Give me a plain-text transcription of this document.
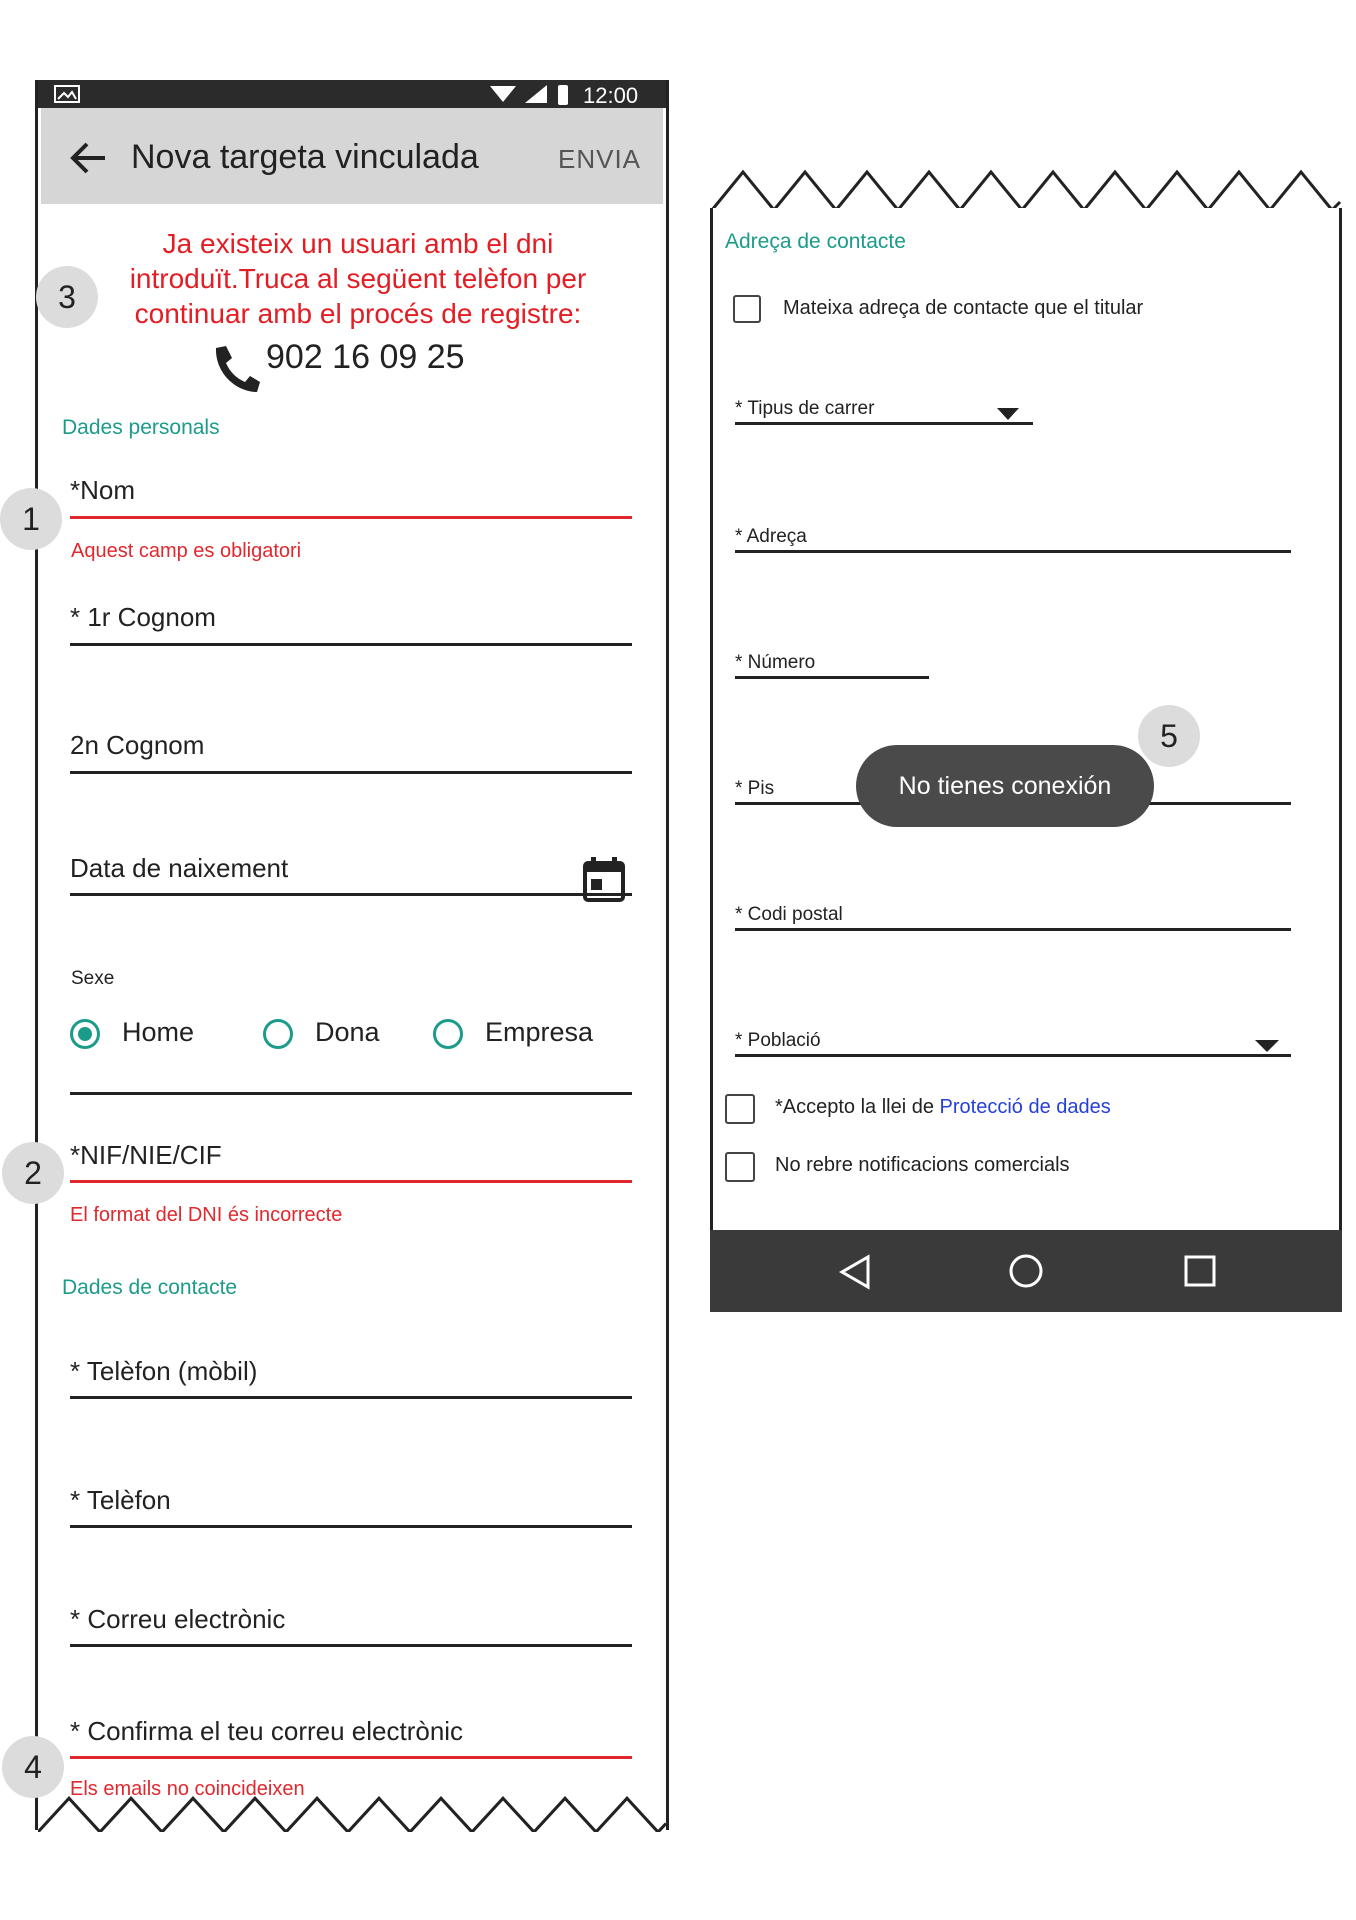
12:00
Nova targeta vinculada	ENVIA
Ja existeix un usuari amb el dni introduït.Truca al següent telèfon per continuar amb el procés de registre:
902 16 09 25
Dades personals
*Nom
Aquest camp es obligatori
* 1r Cognom
2n Cognom
Data de naixement
Sexe
Home	Dona	Empresa
*NIF/NIE/CIF
El format del DNI és incorrecte
Dades de contacte
* Telèfon (mòbil)
* Telèfon
* Correu electrònic
* Confirma el teu correu electrònic
Els emails no coincideixen
3
1
2
4
Adreça de contacte
Mateixa adreça de contacte que el titular
* Tipus de carrer
* Adreça
* Número
* Pis
* Codi postal
* Població
*Accepto la llei de Protecció de dades
No rebre notificacions comercials
No tienes conexión
5
